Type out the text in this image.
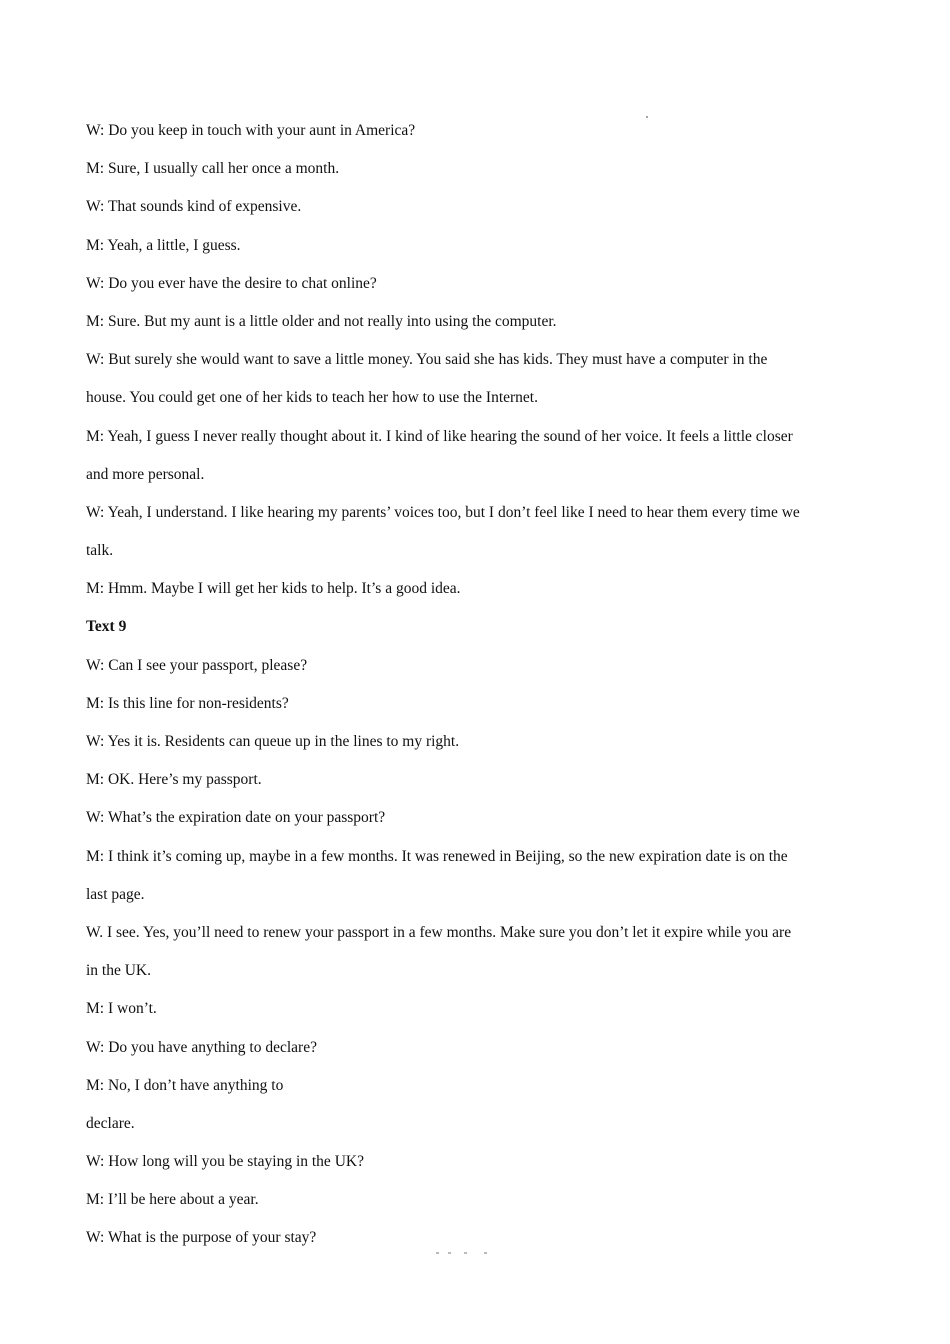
W: Do you keep in touch with your aunt in America?
M: Sure, I usually call her once a month.
W: That sounds kind of expensive.
M: Yeah, a little, I guess.
W: Do you ever have the desire to chat online?
M: Sure. But my aunt is a little older and not really into using the computer.
W: But surely she would want to save a little money. You said she has kids. They must have a computer in the
house. You could get one of her kids to teach her how to use the Internet.
M: Yeah, I guess I never really thought about it. I kind of like hearing the sound of her voice. It feels a little closer
and more personal.
W: Yeah, I understand. I like hearing my parents’ voices too, but I don’t feel like I need to hear them every time we
talk.
M: Hmm. Maybe I will get her kids to help. It’s a good idea.
Text 9
W: Can I see your passport, please?
M: Is this line for non-residents?
W: Yes it is. Residents can queue up in the lines to my right.
M: OK. Here’s my passport.
W: What’s the expiration date on your passport?
M: I think it’s coming up, maybe in a few months. It was renewed in Beijing, so the new expiration date is on the
last page.
W. I see. Yes, you’ll need to renew your passport in a few months. Make sure you don’t let it expire while you are
in the UK.
M: I won’t.
W: Do you have anything to declare?
M: No, I don’t have anything to
declare.
W: How long will you be staying in the UK?
M: I’ll be here about a year.
W: What is the purpose of your stay?
